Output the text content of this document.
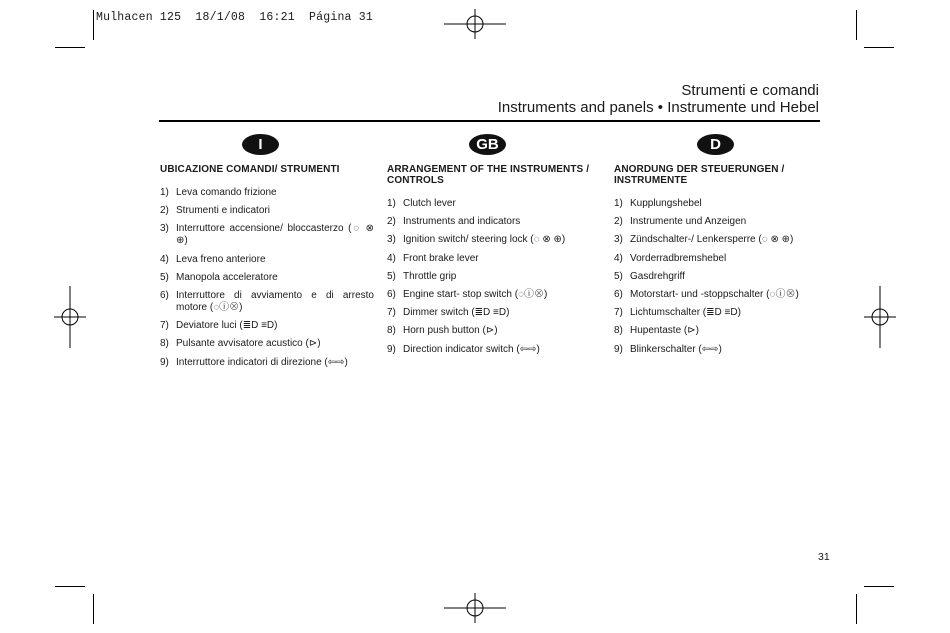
Mulhacen 125  18/1/08  16:21  Página 31
Strumenti e comandi
Instruments and panels • Instrumente und Hebel
I	GB	D
UBICAZIONE COMANDI/ STRUMENTI
1) Leva comando frizione
2) Strumenti e indicatori
3) Interruttore accensione/ bloccasterzo (◌ ⊗ ⊕)
4) Leva freno anteriore
5) Manopola acceleratore
6) Interruttore di avviamento e di arresto motore (◌ⓘ⊗)
7) Deviatore luci (≣D ≡D)
8) Pulsante avvisatore acustico (⊳)
9) Interruttore indicatori di direzione (⇦⇨)
ARRANGEMENT OF THE INSTRUMENTS / CONTROLS
1) Clutch lever
2) Instruments and indicators
3) Ignition switch/ steering lock (◌ ⊗ ⊕)
4) Front brake lever
5) Throttle grip
6) Engine start- stop switch (◌ⓘ⊗)
7) Dimmer switch (≣D ≡D)
8) Horn push button (⊳)
9) Direction indicator switch (⇦⇨)
ANORDUNG DER STEUERUNGEN / INSTRUMENTE
1) Kupplungshebel
2) Instrumente und Anzeigen
3) Zündschalter-/ Lenkersperre (◌ ⊗ ⊕)
4) Vorderradbremshebel
5) Gasdrehgriff
6) Motorstart- und -stoppschalter (◌ⓘ⊗)
7) Lichtumschalter (≣D ≡D)
8) Hupentaste (⊳)
9) Blinkerschalter (⇦⇨)
31
